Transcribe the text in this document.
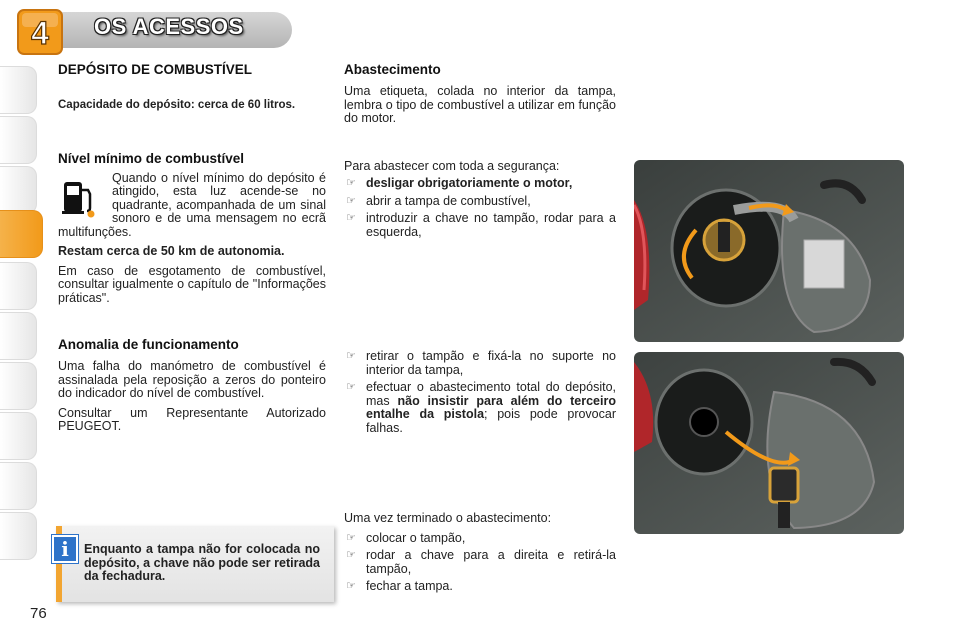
4 OS ACESSOS
DEPÓSITO DE COMBUSTÍVEL

Capacidade do depósito: cerca de 60 litros.

Nível mínimo de combustível

Quando o nível mínimo do depósito é atingido, esta luz acende-se no quadrante, acompanhada de um sinal sonoro e de uma mensagem no ecrã multifunções.

Restam cerca de 50 km de autonomia.

Em caso de esgotamento de combustível, consultar igualmente o capítulo de "Informações práticas".

Anomalia de funcionamento

Uma falha do manómetro de combustível é assinalada pela reposição a zeros do ponteiro do indicador do nível de combustível.

Consultar um Representante Autorizado PEUGEOT.

i	Enquanto a tampa não for colocada no depósito, a chave não pode ser retirada da fechadura.
Abastecimento

Uma etiqueta, colada no interior da tampa, lembra o tipo de combustível a utilizar em função do motor.

Para abastecer com toda a segurança:

☞ desligar obrigatoriamente o motor,
☞ abrir a tampa de combustível,
☞ introduzir a chave no tampão, rodar para a esquerda,
☞ retirar o tampão e fixá-la no suporte no interior da tampa,
☞ efectuar o abastecimento total do depósito, mas não insistir para além do terceiro entalhe da pistola; pois pode provocar falhas.

Uma vez terminado o abastecimento:

☞ colocar o tampão,
☞ rodar a chave para a direita e retirá-la tampão,
☞ fechar a tampa.
76
